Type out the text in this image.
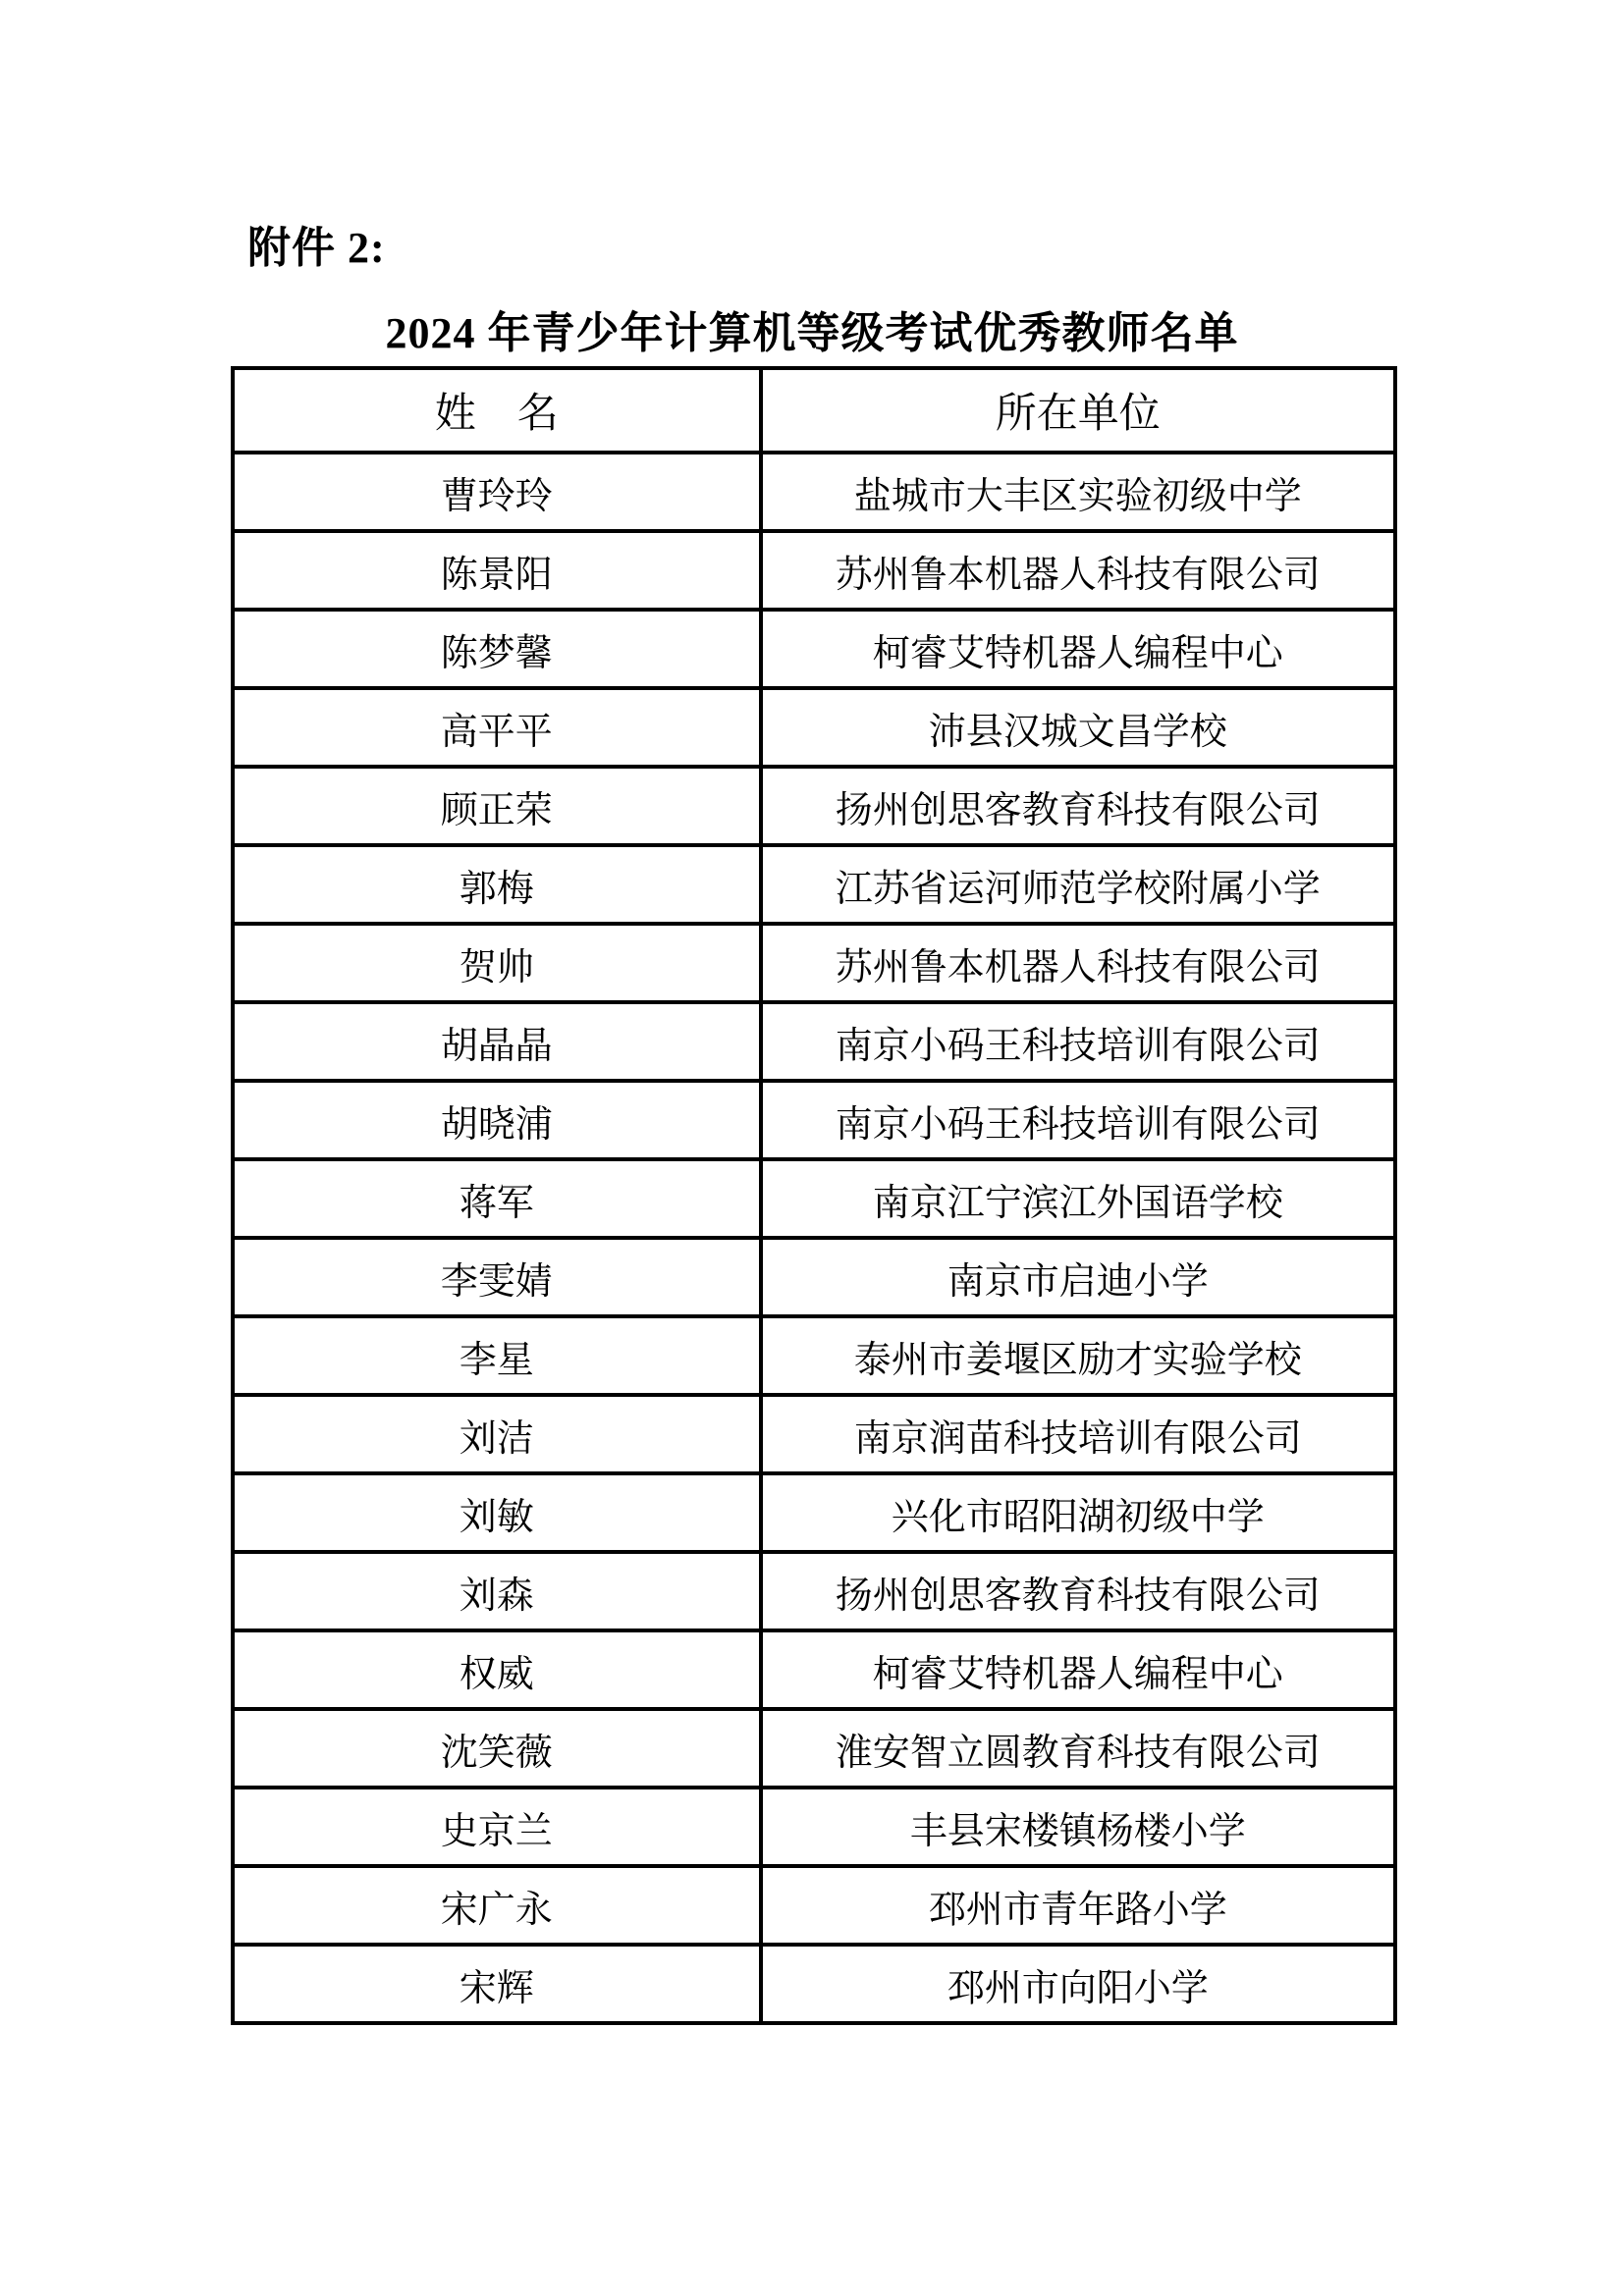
附件 2:
2024 年青少年计算机等级考试优秀教师名单
姓　名	所在单位
曹玲玲	盐城市大丰区实验初级中学
陈景阳	苏州鲁本机器人科技有限公司
陈梦馨	柯睿艾特机器人编程中心
高平平	沛县汉城文昌学校
顾正荣	扬州创思客教育科技有限公司
郭梅	江苏省运河师范学校附属小学
贺帅	苏州鲁本机器人科技有限公司
胡晶晶	南京小码王科技培训有限公司
胡晓浦	南京小码王科技培训有限公司
蒋军	南京江宁滨江外国语学校
李雯婧	南京市启迪小学
李星	泰州市姜堰区励才实验学校
刘洁	南京润苗科技培训有限公司
刘敏	兴化市昭阳湖初级中学
刘森	扬州创思客教育科技有限公司
权威	柯睿艾特机器人编程中心
沈笑薇	淮安智立圆教育科技有限公司
史京兰	丰县宋楼镇杨楼小学
宋广永	邳州市青年路小学
宋辉	邳州市向阳小学
